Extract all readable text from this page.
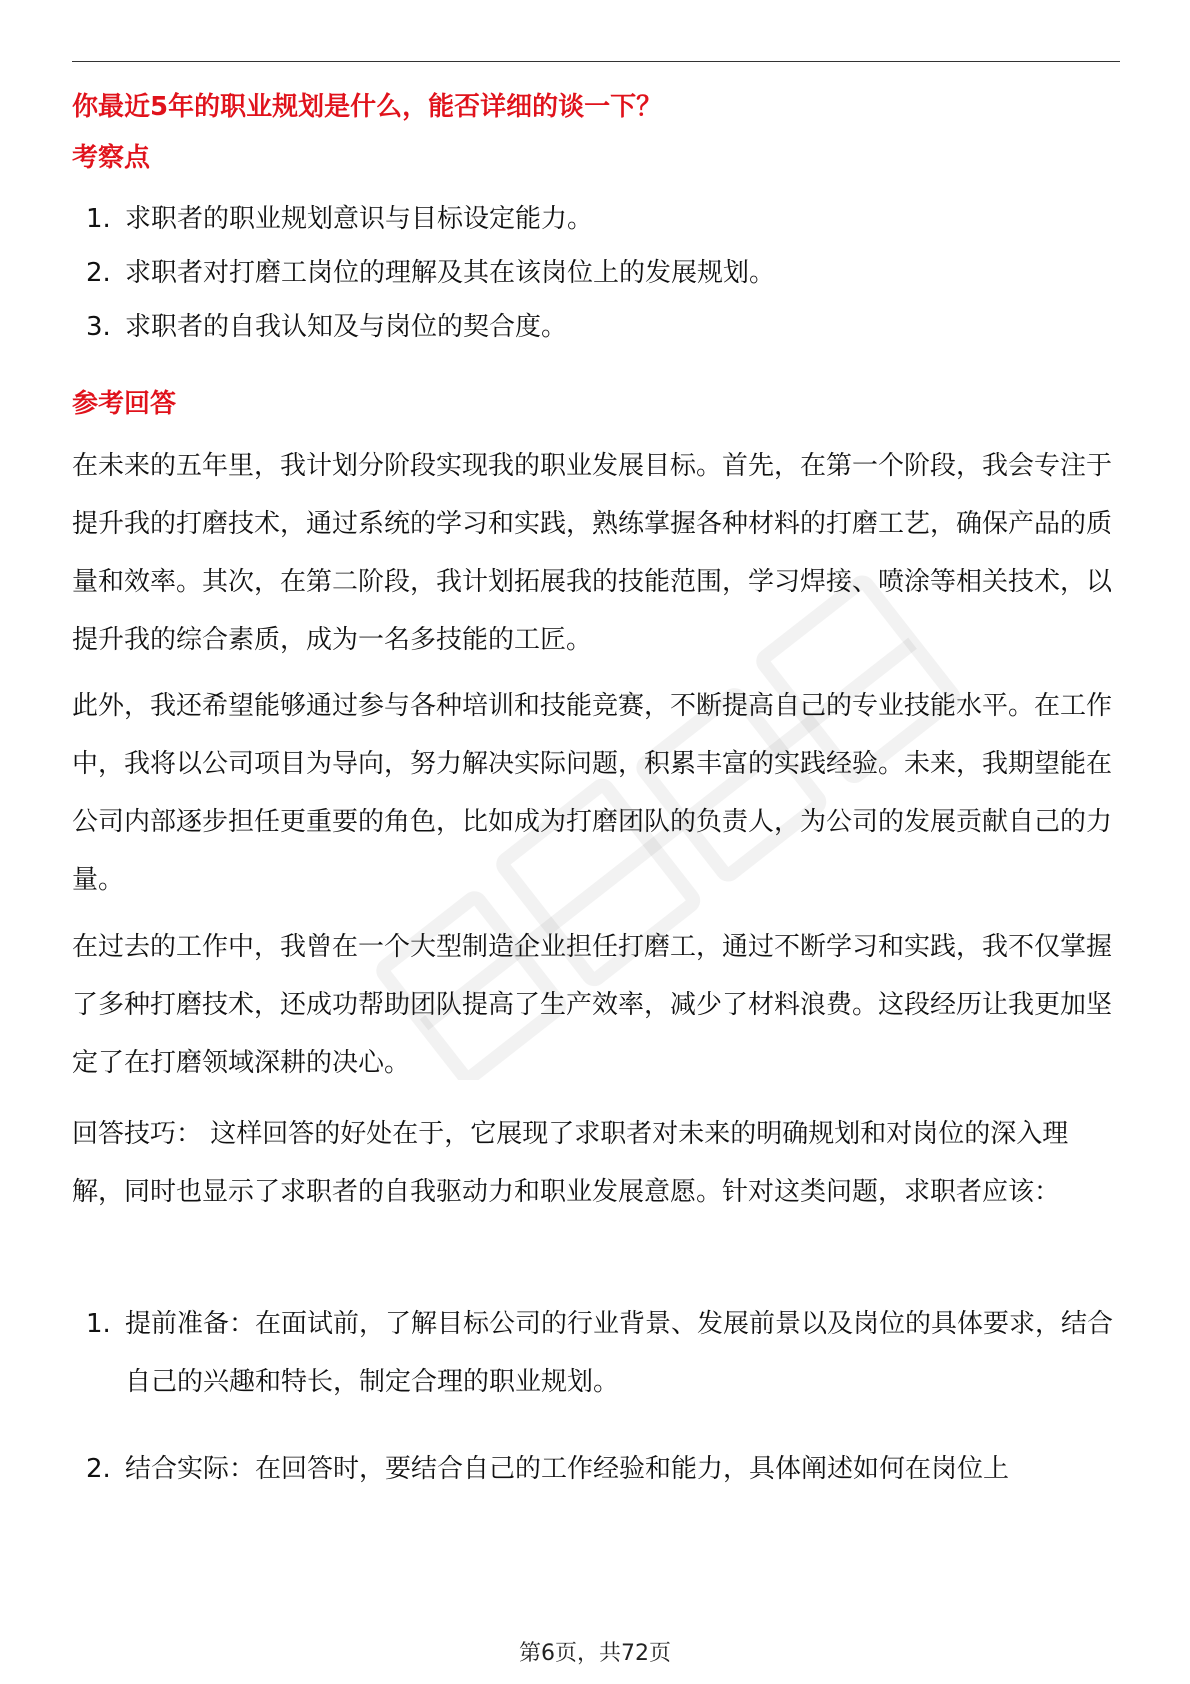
你最近5年的职业规划是什么，能否详细的谈一下？
考察点
1. 求职者的职业规划意识与目标设定能力。
2. 求职者对打磨工岗位的理解及其在该岗位上的发展规划。
3. 求职者的自我认知及与岗位的契合度。
参考回答

在未来的五年里，我计划分阶段实现我的职业发展目标。首先，在第一个阶段，我会专注于提升我的打磨技术，通过系统的学习和实践，熟练掌握各种材料的打磨工艺，确保产品的质量和效率。其次，在第二阶段，我计划拓展我的技能范围，学习焊接、喷涂等相关技术，以提升我的综合素质，成为一名多技能的工匠。

此外，我还希望能够通过参与各种培训和技能竞赛，不断提高自己的专业技能水平。在工作中，我将以公司项目为导向，努力解决实际问题，积累丰富的实践经验。未来，我期望能在公司内部逐步担任更重要的角色，比如成为打磨团队的负责人，为公司的发展贡献自己的力量。

在过去的工作中，我曾在一个大型制造企业担任打磨工，通过不断学习和实践，我不仅掌握了多种打磨技术，还成功帮助团队提高了生产效率，减少了材料浪费。这段经历让我更加坚定了在打磨领域深耕的决心。

回答技巧： 这样回答的好处在于，它展现了求职者对未来的明确规划和对岗位的深入理解，同时也显示了求职者的自我驱动力和职业发展意愿。针对这类问题，求职者应该：

1. 提前准备：在面试前，了解目标公司的行业背景、发展前景以及岗位的具体要求，结合自己的兴趣和特长，制定合理的职业规划。
2. 结合实际：在回答时，要结合自己的工作经验和能力，具体阐述如何在岗位上
第6页，共72页
